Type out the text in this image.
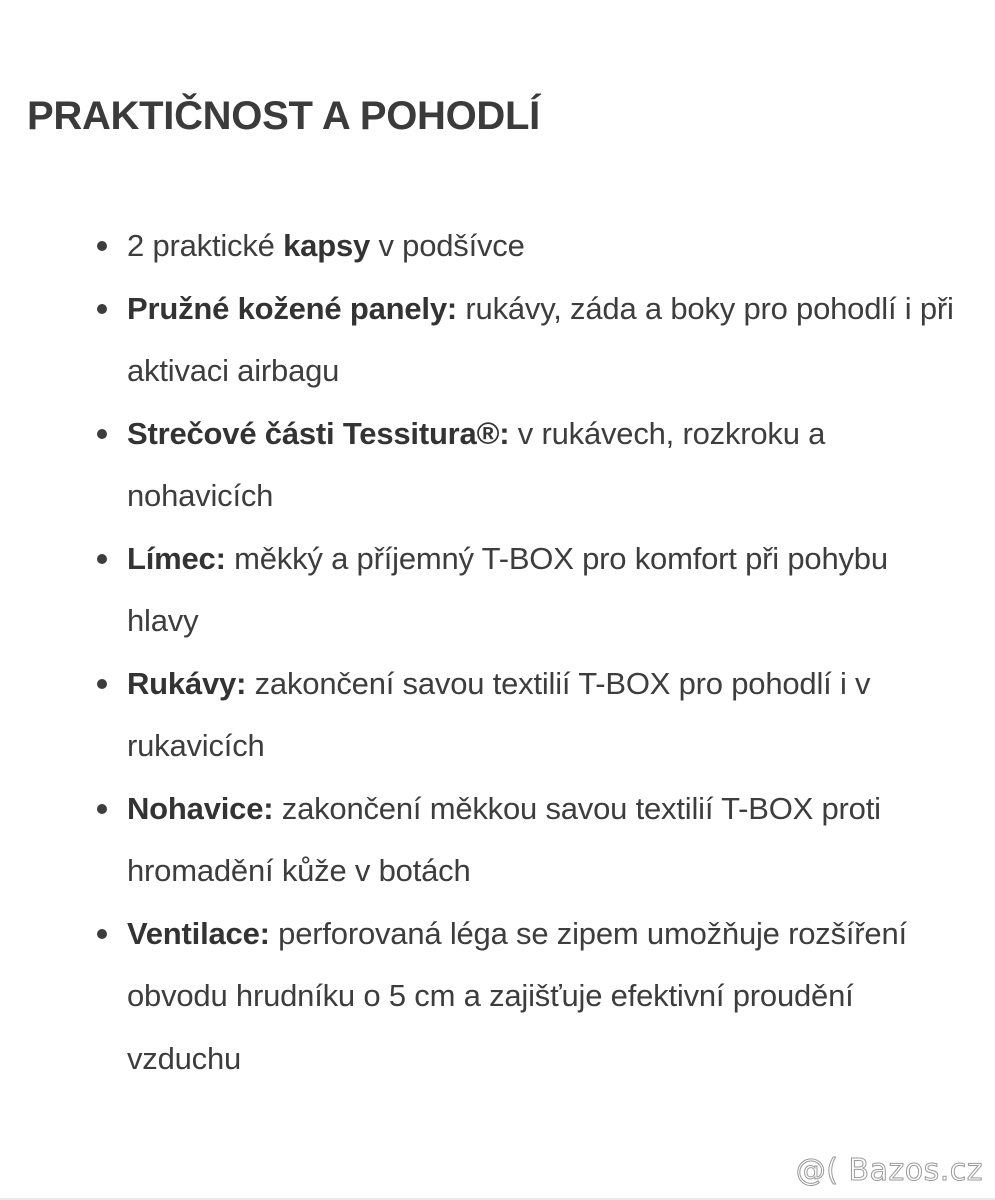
PRAKTIČNOST A POHODLÍ
2 praktické kapsy v podšívce
Pružné kožené panely: rukávy, záda a boky pro pohodlí i při aktivaci airbagu
Strečové části Tessitura®: v rukávech, rozkroku a nohavicích
Límec: měkký a příjemný T-BOX pro komfort při pohybu hlavy
Rukávy: zakončení savou textilií T-BOX pro pohodlí i v rukavicích
Nohavice: zakončení měkkou savou textilií T-BOX proti hromadění kůže v botách
Ventilace: perforovaná léga se zipem umožňuje rozšíření obvodu hrudníku o 5 cm a zajišťuje efektivní proudění vzduchu
@( Bazos.cz
